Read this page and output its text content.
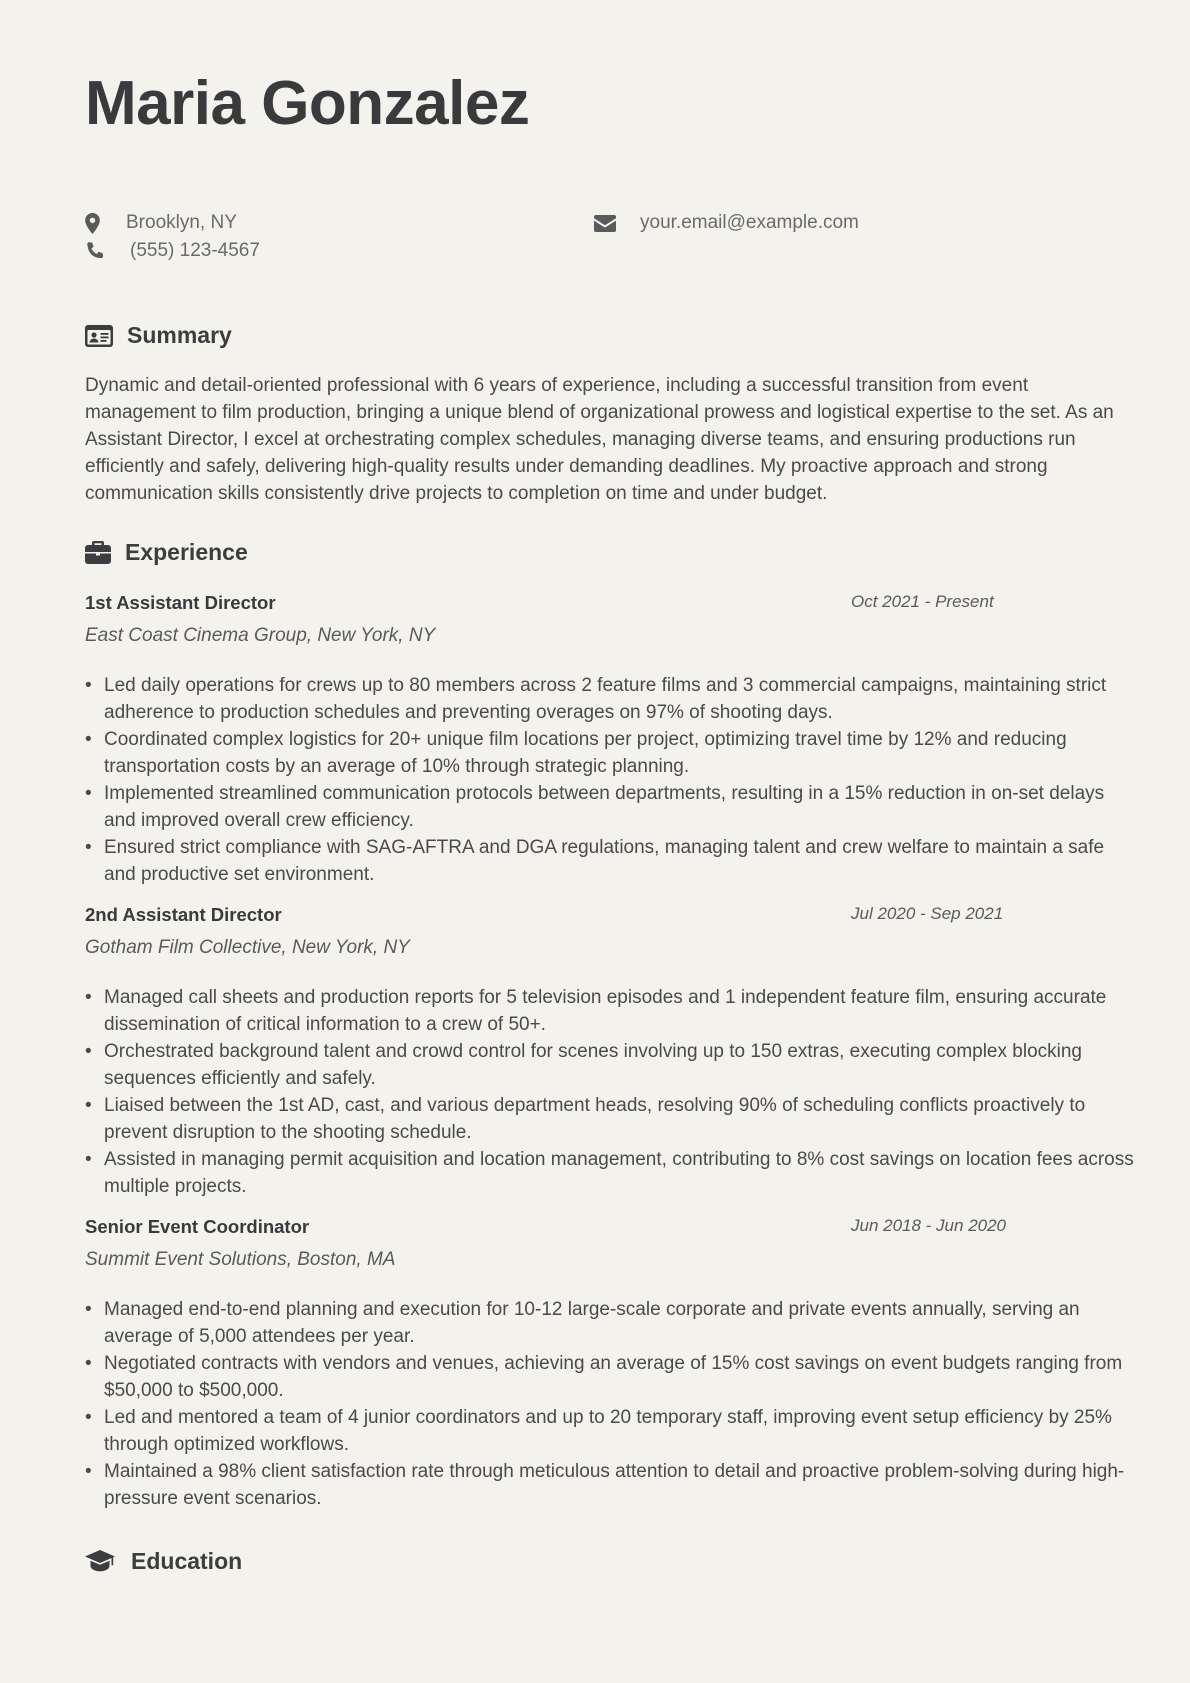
Maria Gonzalez
Brooklyn, NY
(555) 123-4567
your.email@example.com
Summary

Dynamic and detail-oriented professional with 6 years of experience, including a successful transition from event management to film production, bringing a unique blend of organizational prowess and logistical expertise to the set. As an Assistant Director, I excel at orchestrating complex schedules, managing diverse teams, and ensuring productions run efficiently and safely, delivering high-quality results under demanding deadlines. My proactive approach and strong communication skills consistently drive projects to completion on time and under budget.

Experience
1st Assistant Director	Oct 2021 - Present
East Coast Cinema Group, New York, NY
• Led daily operations for crews up to 80 members across 2 feature films and 3 commercial campaigns, maintaining strict adherence to production schedules and preventing overages on 97% of shooting days.
• Coordinated complex logistics for 20+ unique film locations per project, optimizing travel time by 12% and reducing transportation costs by an average of 10% through strategic planning.
• Implemented streamlined communication protocols between departments, resulting in a 15% reduction in on-set delays and improved overall crew efficiency.
• Ensured strict compliance with SAG-AFTRA and DGA regulations, managing talent and crew welfare to maintain a safe and productive set environment.
2nd Assistant Director	Jul 2020 - Sep 2021
Gotham Film Collective, New York, NY
• Managed call sheets and production reports for 5 television episodes and 1 independent feature film, ensuring accurate dissemination of critical information to a crew of 50+.
• Orchestrated background talent and crowd control for scenes involving up to 150 extras, executing complex blocking sequences efficiently and safely.
• Liaised between the 1st AD, cast, and various department heads, resolving 90% of scheduling conflicts proactively to prevent disruption to the shooting schedule.
• Assisted in managing permit acquisition and location management, contributing to 8% cost savings on location fees across multiple projects.
Senior Event Coordinator	Jun 2018 - Jun 2020
Summit Event Solutions, Boston, MA
• Managed end-to-end planning and execution for 10-12 large-scale corporate and private events annually, serving an average of 5,000 attendees per year.
• Negotiated contracts with vendors and venues, achieving an average of 15% cost savings on event budgets ranging from $50,000 to $500,000.
• Led and mentored a team of 4 junior coordinators and up to 20 temporary staff, improving event setup efficiency by 25% through optimized workflows.
• Maintained a 98% client satisfaction rate through meticulous attention to detail and proactive problem-solving during high-pressure event scenarios.
Education
